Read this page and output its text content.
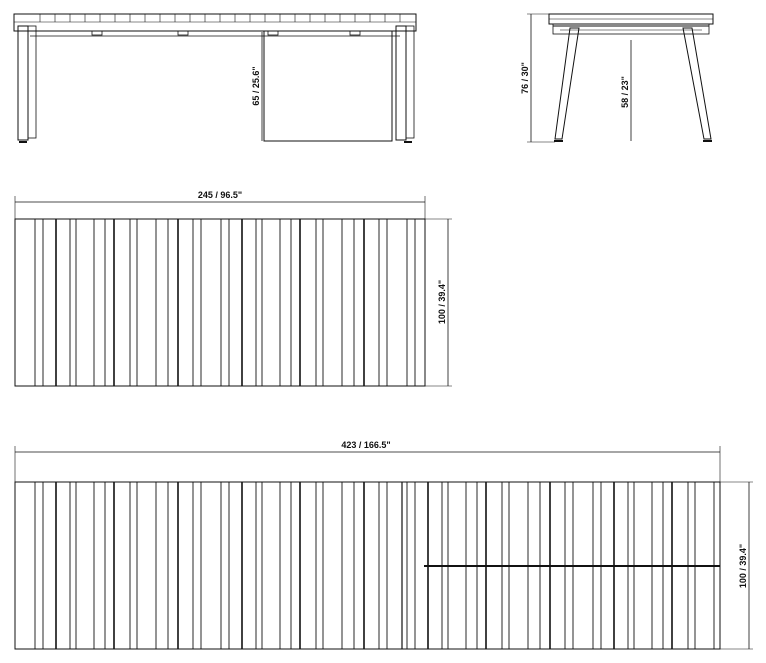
65 / 25.6"	76 / 30"	58 / 23"
245 / 96.5"
100 / 39.4"
423 / 166.5"
100 / 39.4"
